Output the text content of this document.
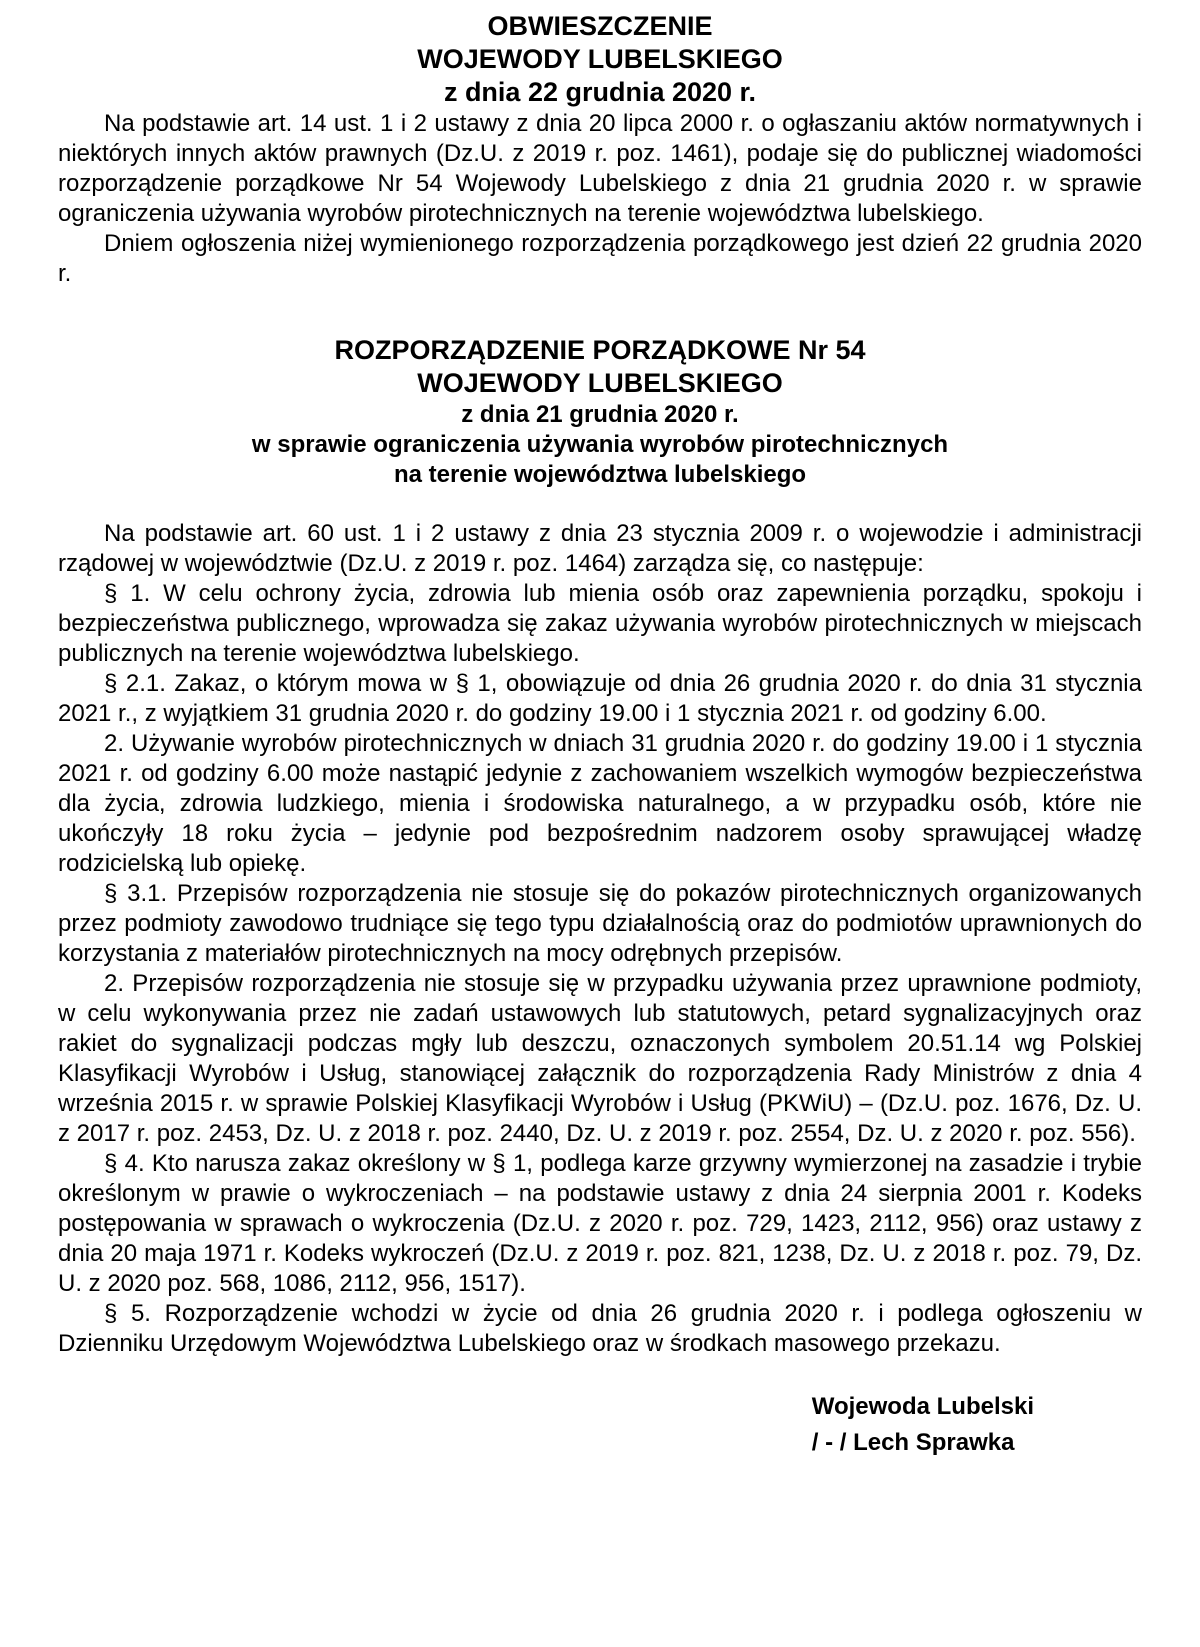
OBWIESZCZENIE
WOJEWODY LUBELSKIEGO
z dnia 22 grudnia 2020 r.

Na podstawie art. 14 ust. 1 i 2 ustawy z dnia 20 lipca 2000 r. o ogłaszaniu aktów normatywnych i niektórych innych aktów prawnych (Dz.U. z 2019 r. poz. 1461), podaje się do publicznej wiadomości rozporządzenie porządkowe Nr 54 Wojewody Lubelskiego z dnia 21 grudnia 2020 r. w sprawie ograniczenia używania wyrobów pirotechnicznych na terenie województwa lubelskiego.

Dniem ogłoszenia niżej wymienionego rozporządzenia porządkowego jest dzień 22 grudnia 2020 r.

ROZPORZĄDZENIE PORZĄDKOWE Nr 54
WOJEWODY LUBELSKIEGO
z dnia 21 grudnia 2020 r.
w sprawie ograniczenia używania wyrobów pirotechnicznych
na terenie województwa lubelskiego

Na podstawie art. 60 ust. 1 i 2 ustawy z dnia 23 stycznia 2009 r. o wojewodzie i administracji rządowej w województwie (Dz.U. z 2019 r. poz. 1464) zarządza się, co następuje:

§ 1. W celu ochrony życia, zdrowia lub mienia osób oraz zapewnienia porządku, spokoju i bezpieczeństwa publicznego, wprowadza się zakaz używania wyrobów pirotechnicznych w miejscach publicznych na terenie województwa lubelskiego.

§ 2.1. Zakaz, o którym mowa w § 1, obowiązuje od dnia 26 grudnia 2020 r. do dnia 31 stycznia 2021 r., z wyjątkiem 31 grudnia 2020 r. do godziny 19.00 i 1 stycznia 2021 r. od godziny 6.00.

2. Używanie wyrobów pirotechnicznych w dniach 31 grudnia 2020 r. do godziny 19.00 i 1 stycznia 2021 r. od godziny 6.00 może nastąpić jedynie z zachowaniem wszelkich wymogów bezpieczeństwa dla życia, zdrowia ludzkiego, mienia i środowiska naturalnego, a w przypadku osób, które nie ukończyły 18 roku życia – jedynie pod bezpośrednim nadzorem osoby sprawującej władzę rodzicielską lub opiekę.

§ 3.1. Przepisów rozporządzenia nie stosuje się do pokazów pirotechnicznych organizowanych przez podmioty zawodowo trudniące się tego typu działalnością oraz do podmiotów uprawnionych do korzystania z materiałów pirotechnicznych na mocy odrębnych przepisów.

2. Przepisów rozporządzenia nie stosuje się w przypadku używania przez uprawnione podmioty, w celu wykonywania przez nie zadań ustawowych lub statutowych, petard sygnalizacyjnych oraz rakiet do sygnalizacji podczas mgły lub deszczu, oznaczonych symbolem 20.51.14 wg Polskiej Klasyfikacji Wyrobów i Usług, stanowiącej załącznik do rozporządzenia Rady Ministrów z dnia 4 września 2015 r. w sprawie Polskiej Klasyfikacji Wyrobów i Usług (PKWiU) – (Dz.U. poz. 1676, Dz. U. z 2017 r. poz. 2453, Dz. U. z 2018 r. poz. 2440, Dz. U. z 2019 r. poz. 2554, Dz. U. z 2020 r. poz. 556).

§ 4. Kto narusza zakaz określony w § 1, podlega karze grzywny wymierzonej na zasadzie i trybie określonym w prawie o wykroczeniach – na podstawie ustawy z dnia 24 sierpnia 2001 r. Kodeks postępowania w sprawach o wykroczenia (Dz.U. z 2020 r. poz. 729, 1423, 2112, 956) oraz ustawy z dnia 20 maja 1971 r. Kodeks wykroczeń (Dz.U. z 2019 r. poz. 821, 1238, Dz. U. z 2018 r. poz. 79, Dz. U. z 2020 poz. 568, 1086, 2112, 956, 1517).

§ 5. Rozporządzenie wchodzi w życie od dnia 26 grudnia 2020 r. i podlega ogłoszeniu w Dzienniku Urzędowym Województwa Lubelskiego oraz w środkach masowego przekazu.

Wojewoda Lubelski
/ - / Lech Sprawka
